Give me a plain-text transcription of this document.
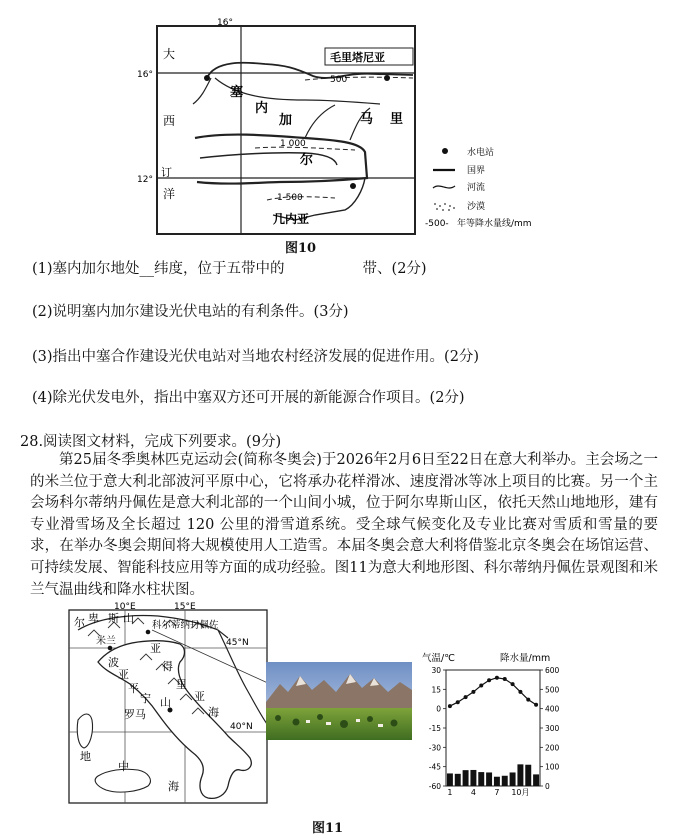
16°
16°
12°
毛里塔尼亚
大
西
洋
订
塞
内
加
尔
马 里
几内亚
500
1 000
1 500
水电站
国界
河流
沙漠
-500- 年等降水量线/mm
图10
(1)塞内加尔地处__纬度，位于五带中的	带、(2分)
(2)说明塞内加尔建设光伏电站的有利条件。(3分)
(3)指出中塞合作建设光伏电站对当地农村经济发展的促进作用。(2分)
(4)除光伏发电外，指出中塞双方还可开展的新能源合作项目。(2分)
28.阅读图文材料，完成下列要求。(9分)

第25届冬季奥林匹克运动会(简称冬奥会)于2026年2月6日至22日在意大利举办。主会场之一的米兰位于意大利北部波河平原中心，它将承办花样滑冰、速度滑冰等冰上项目的比赛。另一个主会场科尔蒂纳丹佩佐是意大利北部的一个山间小城，位于阿尔卑斯山区，依托天然山地地形，建有专业滑雪场及全长超过 120 公里的滑雪道系统。受全球气候变化及专业比赛对雪质和雪量的要求，在举办冬奥会期间将大规模使用人工造雪。本届冬奥会意大利将借鉴北京冬奥会在场馆运营、可持续发展、智能科技应用等方面的成功经验。图11为意大利地形图、科尔蒂纳丹佩佐景观图和米兰气温曲线和降水柱状图。

10°E	15°E
45°N
40°N
尔 卑 斯 山
米兰
科尔蒂纳丹佩佐
波
亚
得
里
亚
海
亚
平
宁 山
罗马
地
中
海
气温/℃	降水量/mm
30
15
0
-15
-30
-45
-60
600
500
400
300
200
100
0
1 4 7 10月
图11
